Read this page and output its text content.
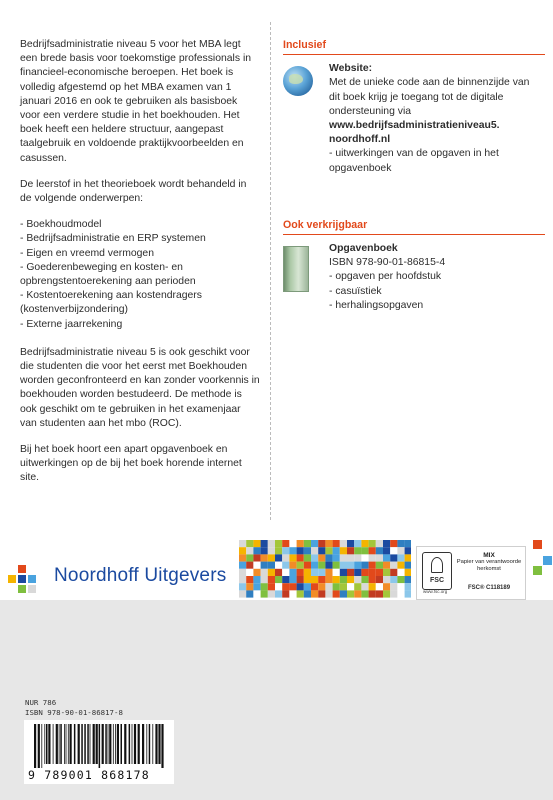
Bedrijfsadministratie niveau 5 voor het MBA legt een brede basis voor toekomstige professionals in financieel-economische beroepen. Het boek is volledig afgestemd op het MBA examen van 1 januari 2016 en ook te gebruiken als basisboek voor een verdere studie in het boekhouden. Het boek heeft een heldere structuur, aangepast taalgebruik en voldoende praktijkvoorbeelden en casussen.

De leerstof in het theorieboek wordt behandeld in de volgende onderwerpen:

- Boekhoudmodel
- Bedrijfsadministratie en ERP systemen
- Eigen en vreemd vermogen
- Goederenbeweging en kosten- en opbrengstentoerekening aan perioden
- Kostentoerekening aan kostendragers (kostenverbijzondering)
- Externe jaarrekening

Bedrijfsadministratie niveau 5 is ook geschikt voor die studenten die voor het eerst met Boekhouden worden geconfronteerd en kan zonder voorkennis in boekhouden worden bestudeerd. De methode is ook geschikt om te gebruiken in het examenjaar van studenten aan het mbo (ROC).

Bij het boek hoort een apart opgavenboek en uitwerkingen op de bij het boek horende internet site.

Inclusief
Website:
Met de unieke code aan de binnenzijde van dit boek krijg je toegang tot de digitale ondersteuning via
www.bedrijfsadministratieniveau5. noordhoff.nl
- uitwerkingen van de opgaven in het opgavenboek
Ook verkrijgbaar
Opgavenboek
ISBN 978-90-01-86815-4
- opgaven per hoofdstuk
- casuïstiek
- herhalingsopgaven
Noordhoff Uitgevers	FSC
www.fsc.org
MIX
Papier van verantwoorde herkomst
FSC® C118189
NUR 786
ISBN 978-90-01-86817-8
9 789001 868178
